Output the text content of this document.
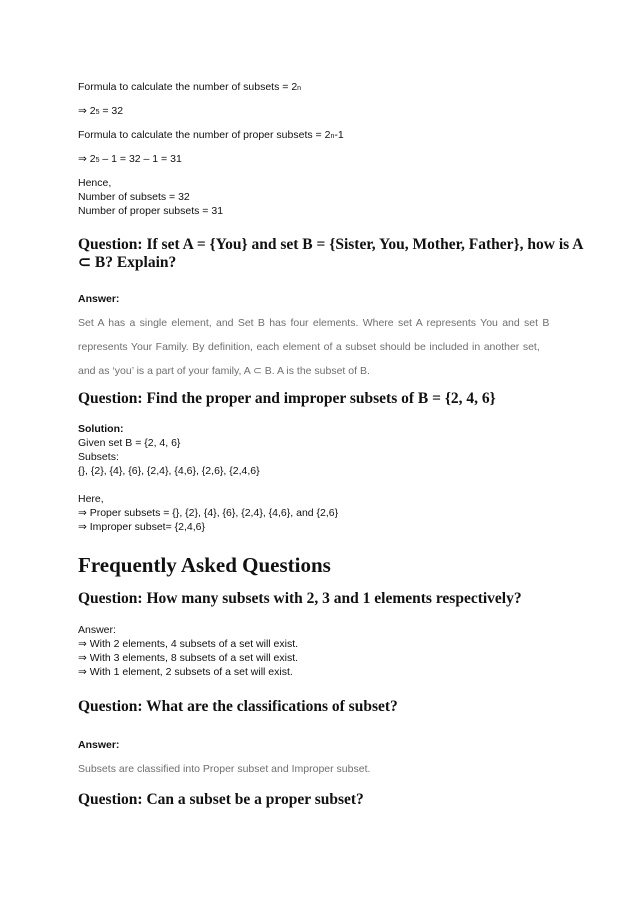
Formula to calculate the number of subsets = 2n
⇒ 25 = 32
Formula to calculate the number of proper subsets = 2n-1
⇒ 25 – 1 = 32 – 1 = 31
Hence,
Number of subsets = 32
Number of proper subsets = 31
Question: If set A = {You} and set B = {Sister, You, Mother, Father}, how is A
⊂ B? Explain?
Answer:
Set A has a single element, and Set B has four elements. Where set A represents You and set B
represents Your Family. By definition, each element of a subset should be included in another set,
and as ‘you’ is a part of your family, A ⊂ B. A is the subset of B.
Question: Find the proper and improper subsets of B = {2, 4, 6}
Solution:
Given set B = {2, 4, 6}
Subsets:
{}, {2}, {4}, {6}, {2,4}, {4,6}, {2,6}, {2,4,6}
Here,
⇒ Proper subsets = {}, {2}, {4}, {6}, {2,4}, {4,6}, and {2,6}
⇒ Improper subset= {2,4,6}
Frequently Asked Questions
Question: How many subsets with 2, 3 and 1 elements respectively?
Answer:
⇒ With 2 elements, 4 subsets of a set will exist.
⇒ With 3 elements, 8 subsets of a set will exist.
⇒ With 1 element, 2 subsets of a set will exist.
Question: What are the classifications of subset?
Answer:
Subsets are classified into Proper subset and Improper subset.
Question: Can a subset be a proper subset?
